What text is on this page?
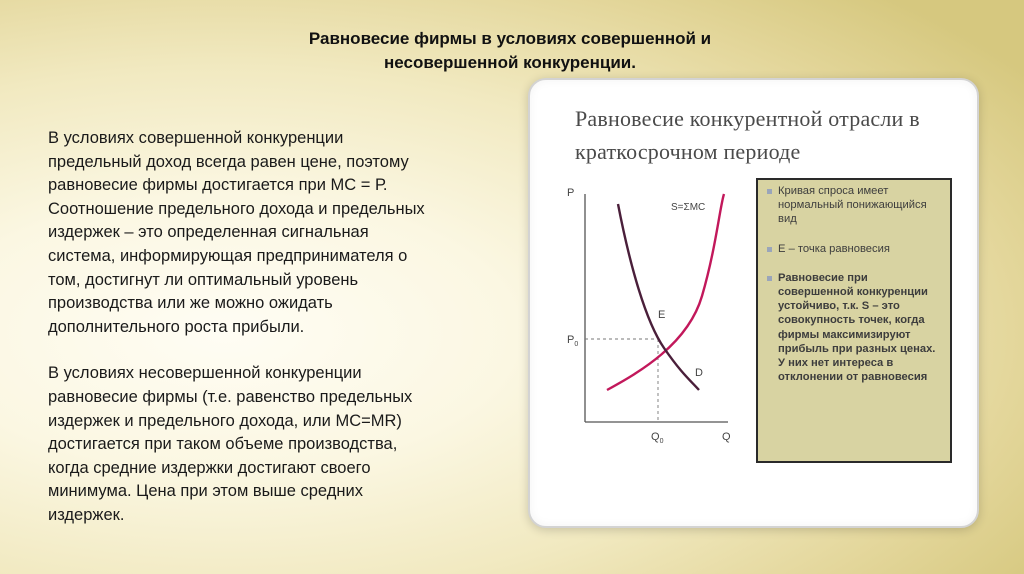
Равновесие фирмы в условиях совершенной и
несовершенной конкуренции.

В условиях совершенной конкуренции
предельный доход всегда равен цене, поэтому
равновесие фирмы достигается при МС = Р.
Соотношение предельного дохода и предельных
издержек – это определенная сигнальная
система, информирующая предпринимателя о
том, достигнут ли оптимальный уровень
производства или же можно ожидать
дополнительного роста прибыли.

В условиях несовершенной конкуренции
равновесие фирмы (т.е. равенство предельных
издержек и предельного дохода, или МС=MR)
достигается при таком объеме производства,
когда средние издержки достигают своего
минимума. Цена при этом выше средних
издержек.

Равновесие конкурентной отрасли в
краткосрочном периоде
P
Q
S=ΣMC
D
E
$P_0$
$Q_0$
Кривая спроса имеет нормальный понижающийся вид
Е – точка равновесия
Равновесие при совершенной конкуренции устойчиво, т.к. S – это совокупность точек, когда фирмы максимизируют прибыль при разных ценах. У них нет интереса в отклонении от равновесия
